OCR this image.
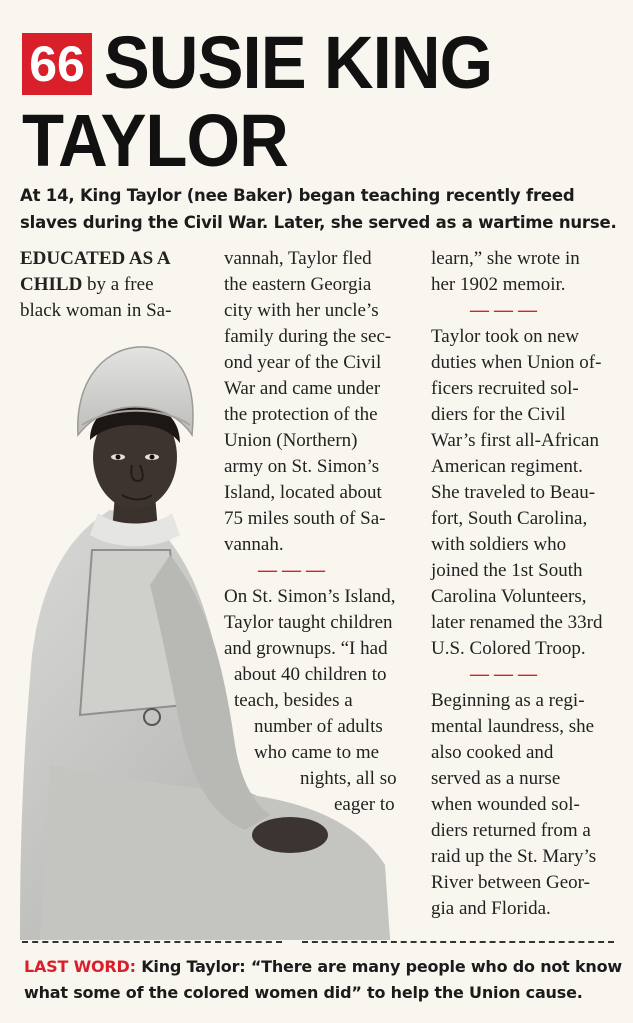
66 SUSIE KING
TAYLOR

At 14, King Taylor (nee Baker) began teaching recently freed slaves during the Civil War. Later, she served as a wartime nurse.

EDUCATED AS A
CHILD by a free
black woman in Sa-
vannah, Taylor fled
the eastern Georgia
city with her uncle’s
family during the sec-
ond year of the Civil
War and came under
the protection of the
Union (Northern)
army on St. Simon’s
Island, located about
75 miles south of Sa-
vannah.
———
On St. Simon’s Island,
Taylor taught children
and grownups. “I had
about 40 children to
teach, besides a
number of adults
who came to me
nights, all so
eager to
learn,” she wrote in
her 1902 memoir.
———
Taylor took on new
duties when Union of-
ficers recruited sol-
diers for the Civil
War’s first all-African
American regiment.
She traveled to Beau-
fort, South Carolina,
with soldiers who
joined the 1st South
Carolina Volunteers,
later renamed the 33rd
U.S. Colored Troop.
———
Beginning as a regi-
mental laundress, she
also cooked and
served as a nurse
when wounded sol-
diers returned from a
raid up the St. Mary’s
River between Geor-
gia and Florida.

LAST WORD: King Taylor: “There are many people who do not know what some of the colored women did” to help the Union cause.
